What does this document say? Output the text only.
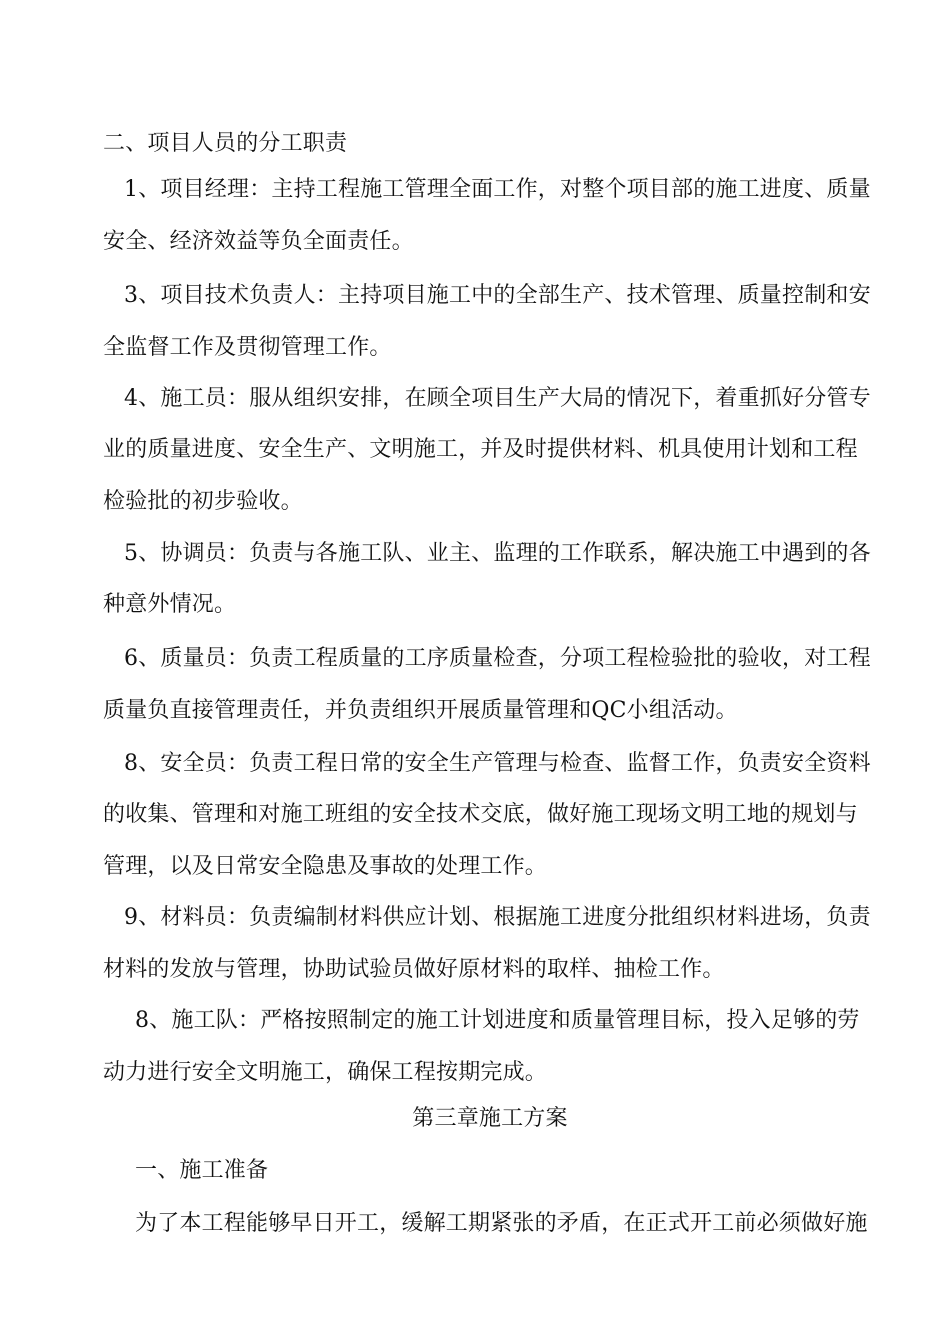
二、项目人员的分工职责
1、项目经理：主持工程施工管理全面工作，对整个项目部的施工进度、质量
安全、经济效益等负全面责任。
3、项目技术负责人：主持项目施工中的全部生产、技术管理、质量控制和安
全监督工作及贯彻管理工作。
4、施工员：服从组织安排，在顾全项目生产大局的情况下，着重抓好分管专
业的质量进度、安全生产、文明施工，并及时提供材料、机具使用计划和工程
检验批的初步验收。
5、协调员：负责与各施工队、业主、监理的工作联系，解决施工中遇到的各
种意外情况。
6、质量员：负责工程质量的工序质量检查，分项工程检验批的验收，对工程
质量负直接管理责任，并负责组织开展质量管理和QC小组活动。
8、安全员：负责工程日常的安全生产管理与检查、监督工作，负责安全资料
的收集、管理和对施工班组的安全技术交底，做好施工现场文明工地的规划与
管理，以及日常安全隐患及事故的处理工作。
9、材料员：负责编制材料供应计划、根据施工进度分批组织材料进场，负责
材料的发放与管理，协助试验员做好原材料的取样、抽检工作。
8、施工队：严格按照制定的施工计划进度和质量管理目标，投入足够的劳
动力进行安全文明施工，确保工程按期完成。
第三章施工方案
一、施工准备
为了本工程能够早日开工，缓解工期紧张的矛盾，在正式开工前必须做好施
